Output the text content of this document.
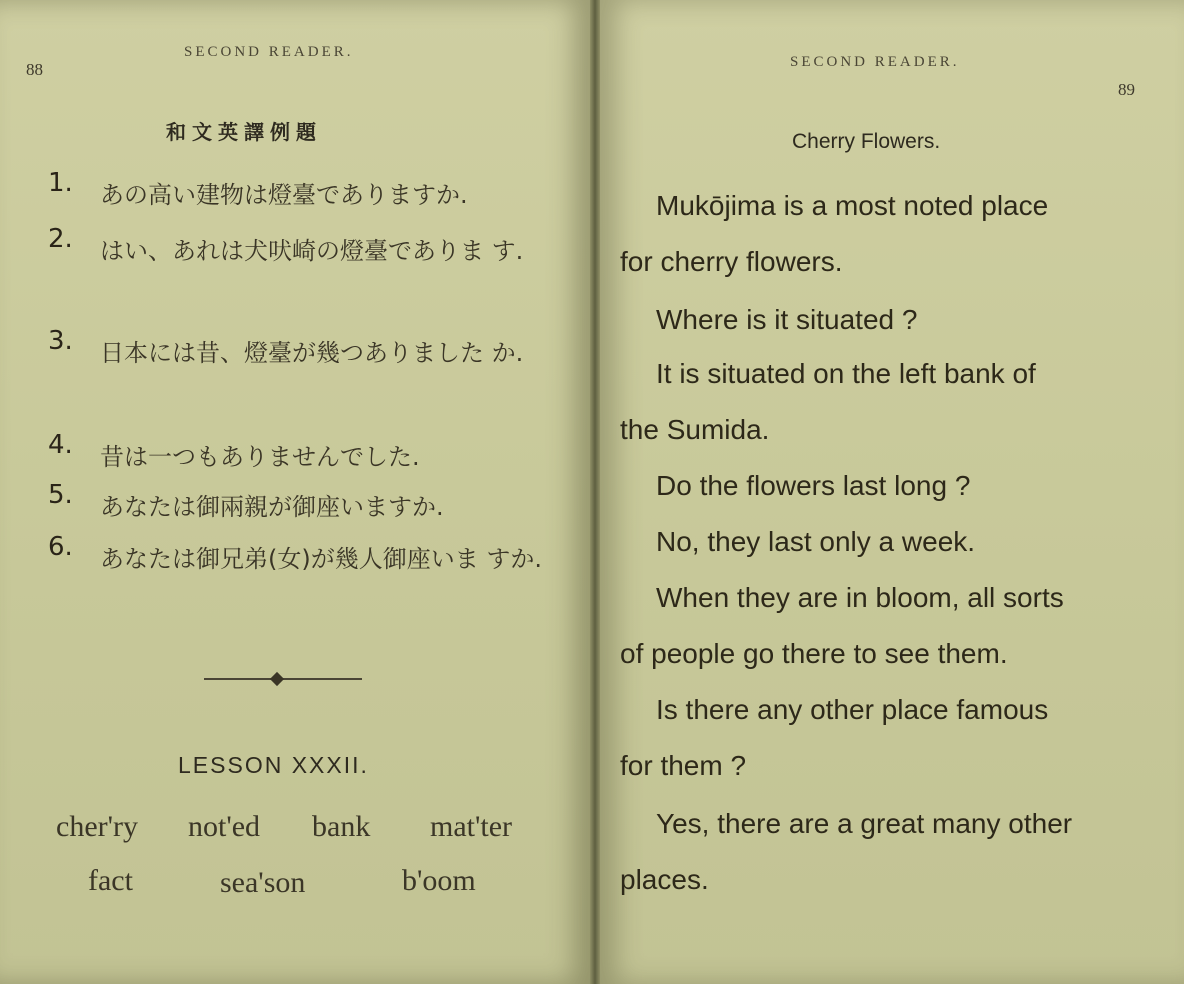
88
SECOND READER.
和文英譯例題
1.	あの高い建物は燈臺でありますか.
2.	はい、あれは犬吠崎の燈臺でありま す.
3.	日本には昔、燈臺が幾つありました か.
4.	昔は一つもありませんでした.
5.	あなたは御兩親が御座いますか.
6.	あなたは御兄弟(女)が幾人御座いま すか.
LESSON XXXII.
cher'ry not'ed bank mat'ter
fact	sea'son	b'oom
SECOND READER.
89
Cherry Flowers.
Mukōjima is a most noted place
for cherry flowers.
Where is it situated ?
It is situated on the left bank of
the Sumida.
Do the flowers last long ?
No, they last only a week.
When they are in bloom, all sorts
of people go there to see them.
Is there any other place famous
for them ?
Yes, there are a great many other
places.
